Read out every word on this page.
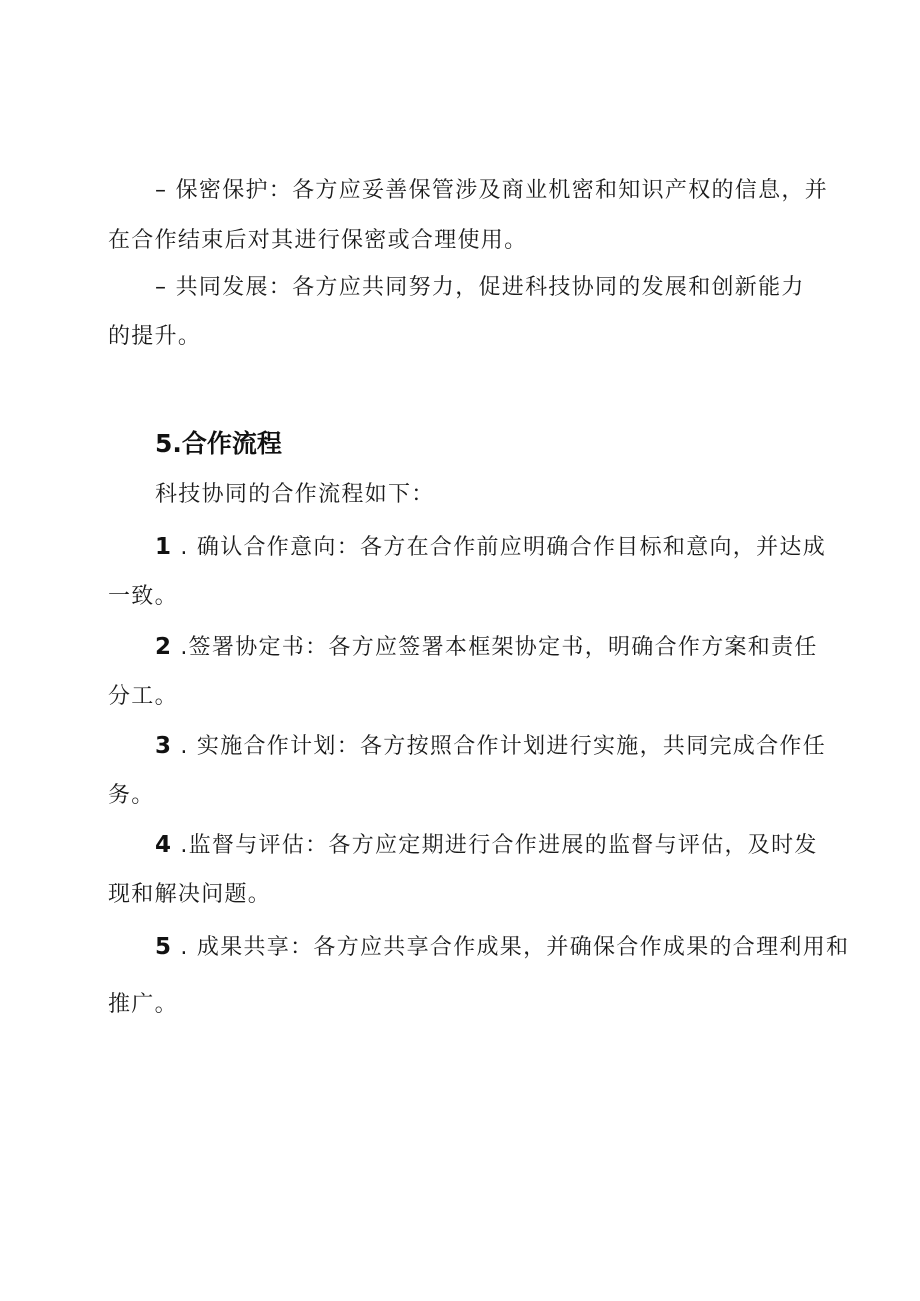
– 保密保护：各方应妥善保管涉及商业机密和知识产权的信息，并
在合作结束后对其进行保密或合理使用。
– 共同发展：各方应共同努力，促进科技协同的发展和创新能力
的提升。
5.合作流程
科技协同的合作流程如下：
1 . 确认合作意向：各方在合作前应明确合作目标和意向，并达成
一致。
2 .签署协定书：各方应签署本框架协定书，明确合作方案和责任
分工。
3 . 实施合作计划：各方按照合作计划进行实施，共同完成合作任
务。
4 .监督与评估：各方应定期进行合作进展的监督与评估，及时发
现和解决问题。
5 . 成果共享：各方应共享合作成果，并确保合作成果的合理利用和
推广。
